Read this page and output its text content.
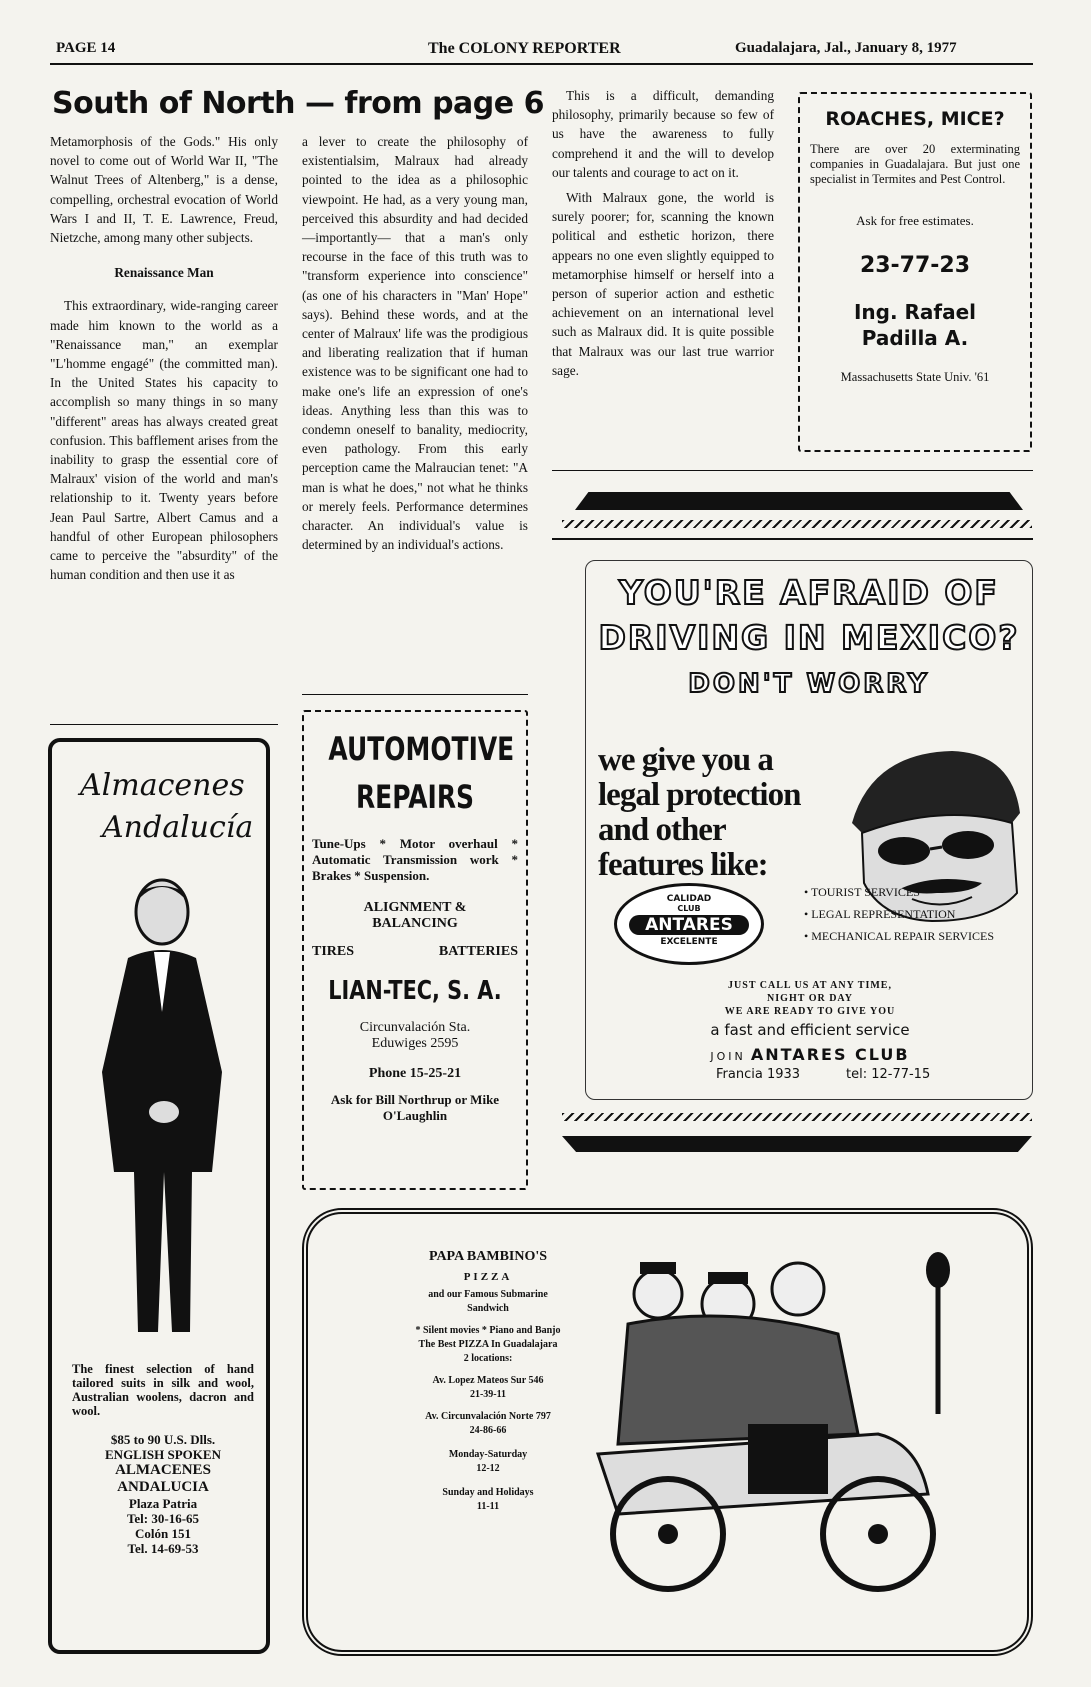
PAGE 14	The COLONY REPORTER	Guadalajara, Jal., January 8, 1977
South of North — from page 6

Metamorphosis of the Gods." His only novel to come out of World War II, "The Walnut Trees of Altenberg," is a dense, compelling, orchestral evocation of World Wars I and II, T. E. Lawrence, Freud, Nietzche, among many other subjects.

Renaissance Man

This extraordinary, wide-ranging career made him known to the world as a "Renaissance man," an exemplar "L'homme engagé" (the committed man). In the United States his capacity to accomplish so many things in so many "different" areas has always created great confusion. This bafflement arises from the inability to grasp the essential core of Malraux' vision of the world and man's relationship to it. Twenty years before Jean Paul Sartre, Albert Camus and a handful of other European philosophers came to perceive the "absurdity" of the human condition and then use it as

a lever to create the philosophy of existentialsim, Malraux had already pointed to the idea as a philosophic viewpoint. He had, as a very young man, perceived this absurdity and had decided —importantly— that a man's only recourse in the face of this truth was to "transform experience into conscience" (as one of his characters in "Man' Hope" says). Behind these words, and at the center of Malraux' life was the prodigious and liberating realization that if human existence was to be significant one had to make one's life an expression of one's ideas. Anything less than this was to condemn oneself to banality, mediocrity, even pathology. From this early perception came the Malraucian tenet: "A man is what he does," not what he thinks or merely feels. Performance determines character. An individual's value is determined by an individual's actions.

This is a difficult, demanding philosophy, primarily because so few of us have the awareness to fully comprehend it and the will to develop our talents and courage to act on it.

With Malraux gone, the world is surely poorer; for, scanning the known political and esthetic horizon, there appears no one even slightly equipped to metamorphise himself or herself into a person of superior action and esthetic achievement on an international level such as Malraux did. It is quite possible that Malraux was our last true warrior sage.

ROACHES, MICE?
There are over 20 exterminating companies in Guadalajara. But just one specialist in Termites and Pest Control.
Ask for free estimates.
23-77-23
Ing. Rafael
Padilla A.
Massachusetts State Univ. '61
YOU'RE AFRAID OF
DRIVING IN MEXICO?
DON'T WORRY
we give you a legal protection and other features like:
CALIDAD
CLUB
ANTARES
EXCELENTE
• TOURIST SERVICES
• LEGAL REPRESENTATION
• MECHANICAL REPAIR SERVICES
JUST CALL US AT ANY TIME,
NIGHT OR DAY
WE ARE READY TO GIVE YOU
a fast and efficient service
JOIN ANTARES CLUB
Francia 1933	tel: 12-77-15
Almacenes
Andalucía
The finest selection of hand tailored suits in silk and wool, Australian woolens, dacron and wool.
$85 to 90 U.S. Dlls.
ENGLISH SPOKEN
ALMACENES
ANDALUCIA
Plaza Patria
Tel: 30-16-65
Colón 151
Tel. 14-69-53
AUTOMOTIVE
REPAIRS
Tune-Ups * Motor overhaul * Automatic Transmission work * Brakes * Suspension.
ALIGNMENT & BALANCING
TIRES	BATTERIES
LIAN-TEC, S. A.
Circunvalación Sta.
Eduwiges 2595
Phone 15-25-21
Ask for Bill Northrup or Mike O'Laughlin
PAPA BAMBINO'S
PIZZA
and our Famous Submarine Sandwich
* Silent movies * Piano and Banjo
The Best PIZZA In Guadalajara
2 locations:
Av. Lopez Mateos Sur 546
21-39-11
Av. Circunvalación Norte 797
24-86-66
Monday-Saturday
12-12
Sunday and Holidays
11-11
